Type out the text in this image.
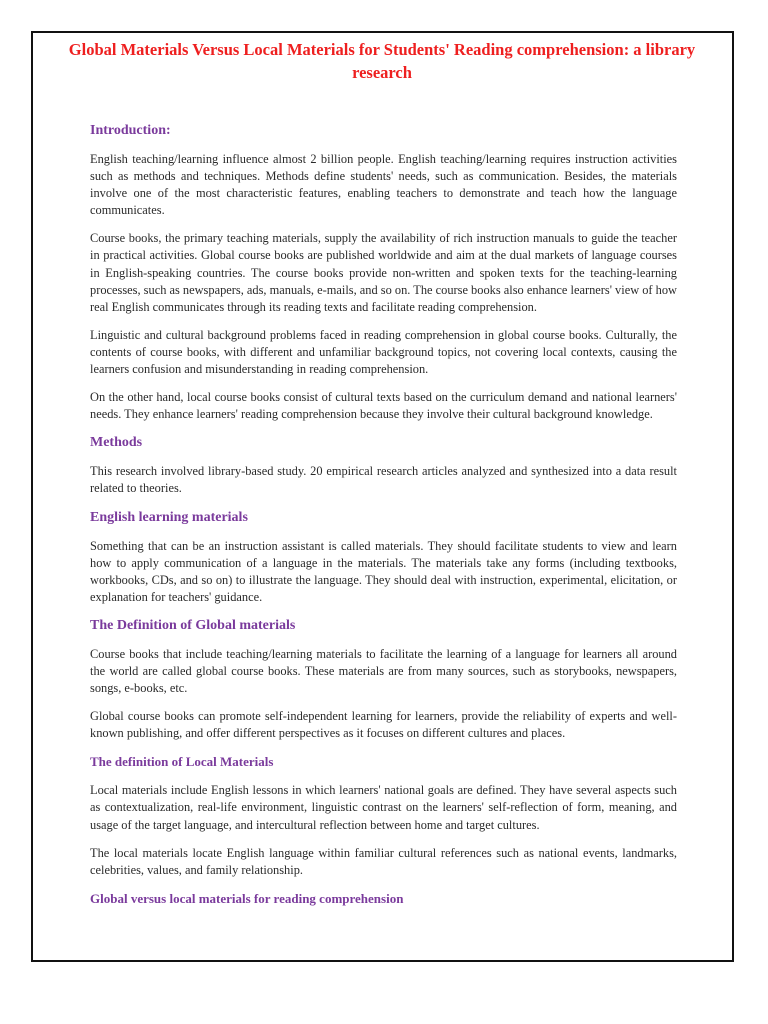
Global Materials Versus Local Materials for Students' Reading comprehension: a library research
Introduction:

English teaching/learning influence almost 2 billion people. English teaching/learning requires instruction activities such as methods and techniques. Methods define students' needs, such as communication. Besides, the materials involve one of the most characteristic features, enabling teachers to demonstrate and teach how the language communicates.

Course books, the primary teaching materials, supply the availability of rich instruction manuals to guide the teacher in practical activities. Global course books are published worldwide and aim at the dual markets of language courses in English-speaking countries. The course books provide non-written and spoken texts for the teaching-learning processes, such as newspapers, ads, manuals, e-mails, and so on. The course books also enhance learners' view of how real English communicates through its reading texts and facilitate reading comprehension.

Linguistic and cultural background problems faced in reading comprehension in global course books. Culturally, the contents of course books, with different and unfamiliar background topics, not covering local contexts, causing the learners confusion and misunderstanding in reading comprehension.

On the other hand, local course books consist of cultural texts based on the curriculum demand and national learners' needs. They enhance learners' reading comprehension because they involve their cultural background knowledge.

Methods

This research involved library-based study. 20 empirical research articles analyzed and synthesized into a data result related to theories.

English learning materials

Something that can be an instruction assistant is called materials. They should facilitate students to view and learn how to apply communication of a language in the materials. The materials take any forms (including textbooks, workbooks, CDs, and so on) to illustrate the language. They should deal with instruction, experimental, elicitation, or explanation for teachers' guidance.

The Definition of Global materials

Course books that include teaching/learning materials to facilitate the learning of a language for learners all around the world are called global course books. These materials are from many sources, such as storybooks, newspapers, songs, e-books, etc.

Global course books can promote self-independent learning for learners, provide the reliability of experts and well-known publishing, and offer different perspectives as it focuses on different cultures and places.

The definition of Local Materials

Local materials include English lessons in which learners' national goals are defined. They have several aspects such as contextualization, real-life environment, linguistic contrast on the learners' self-reflection of form, meaning, and usage of the target language, and intercultural reflection between home and target cultures.

The local materials locate English language within familiar cultural references such as national events, landmarks, celebrities, values, and family relationship.

Global versus local materials for reading comprehension
